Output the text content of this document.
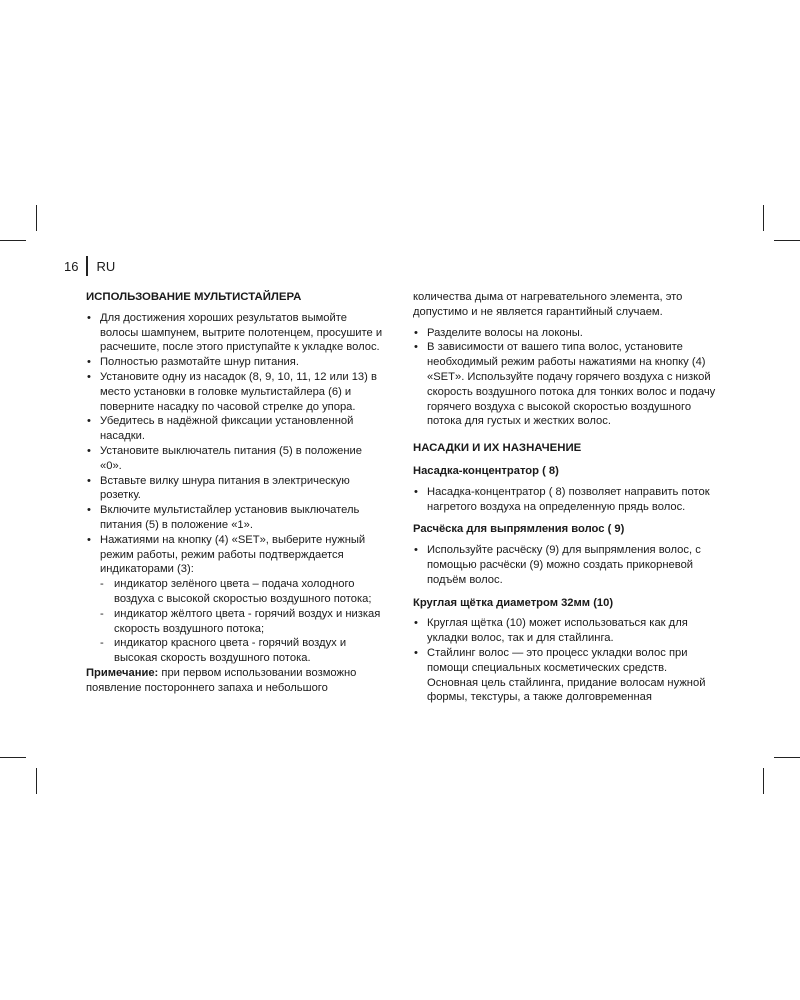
16 RU
ИСПОЛЬЗОВАНИЕ МУЛЬТИСТАЙЛЕРА
• Для достижения хороших результатов вымойте волосы шампунем, вытрите полотенцем, просушите и расчешите, после этого приступайте к укладке волос.
• Полностью размотайте шнур питания.
• Установите одну из насадок (8, 9, 10, 11, 12 или 13) в место установки в головке мультистайлера (6) и поверните насадку по часовой стрелке до упора.
• Убедитесь в надёжной фиксации установленной насадки.
• Установите выключатель питания (5) в положение «0».
• Вставьте вилку шнура питания в электрическую розетку.
• Включите мультистайлер установив выключатель питания (5) в положение «1».
• Нажатиями на кнопку (4) «SET», выберите нужный режим работы, режим работы подтверждается индикаторами (3):
- индикатор зелёного цвета – подача холодного воздуха с высокой скоростью воздушного потока;
- индикатор жёлтого цвета - горячий воздух и низкая скорость воздушного потока;
- индикатор красного цвета - горячий воздух и высокая скорость воздушного потока.

Примечание: при первом использовании возможно появление постороннего запаха и небольшого

количества дыма от нагревательного элемента, это допустимо и не является гарантийный случаем.

• Разделите волосы на локоны.
• В зависимости от вашего типа волос, установите необходимый режим работы нажатиями на кнопку (4) «SET». Используйте подачу горячего воздуха с низкой скорость воздушного потока для тонких волос и подачу горячего воздуха с высокой скоростью воздушного потока для густых и жестких волос.
НАСАДКИ И ИХ НАЗНАЧЕНИЕ
Насадка-концентратор ( 8)
• Насадка-концентратор ( 8) позволяет направить поток нагретого воздуха на определенную прядь волос.
Расчёска для выпрямления волос ( 9)
• Используйте расчёску (9) для выпрямления волос, с помощью расчёски (9) можно создать прикорневой подъём волос.
Круглая щётка диаметром 32мм (10)
• Круглая щётка (10) может использоваться как для укладки волос, так и для стайлинга.
• Стайлинг волос — это процесс укладки волос при помощи специальных косметических средств. Основная цель стайлинга, придание волосам нужной формы, текстуры, а также долговременная
